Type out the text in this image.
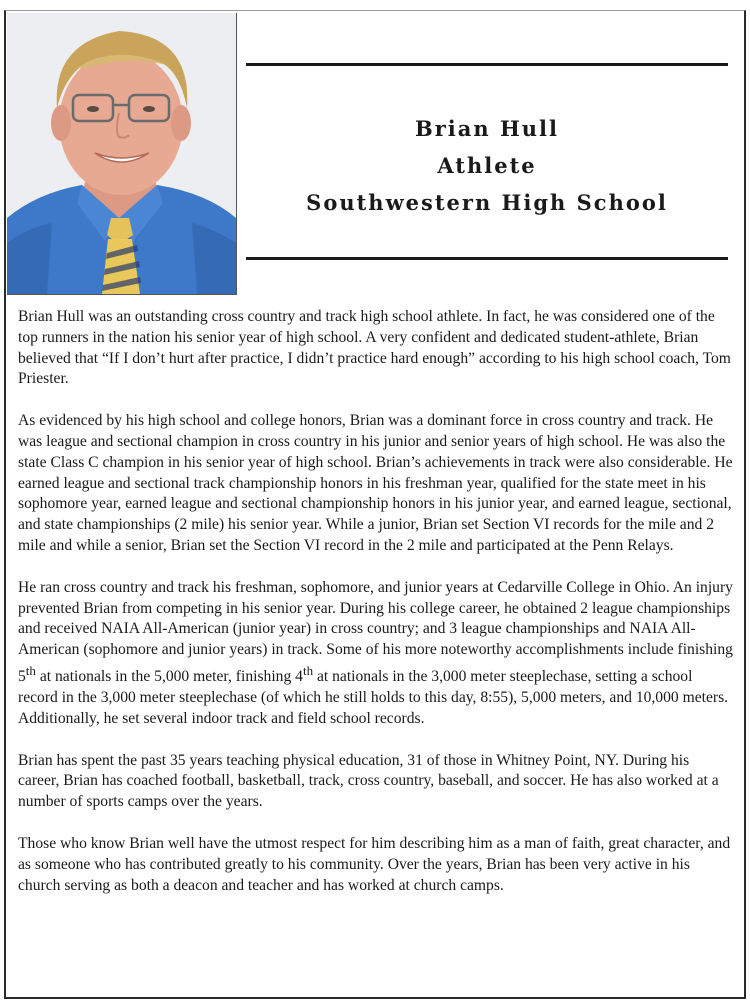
Brian Hull
Athlete
Southwestern High School

Brian Hull was an outstanding cross country and track high school athlete. In fact, he was considered one of the top runners in the nation his senior year of high school. A very confident and dedicated student-athlete, Brian believed that “If I don’t hurt after practice, I didn’t practice hard enough” according to his high school coach, Tom Priester.

As evidenced by his high school and college honors, Brian was a dominant force in cross country and track. He was league and sectional champion in cross country in his junior and senior years of high school. He was also the state Class C champion in his senior year of high school. Brian’s achievements in track were also considerable. He earned league and sectional track championship honors in his freshman year, qualified for the state meet in his sophomore year, earned league and sectional championship honors in his junior year, and earned league, sectional, and state championships (2 mile) his senior year. While a junior, Brian set Section VI records for the mile and 2 mile and while a senior, Brian set the Section VI record in the 2 mile and participated at the Penn Relays.

He ran cross country and track his freshman, sophomore, and junior years at Cedarville College in Ohio. An injury prevented Brian from competing in his senior year. During his college career, he obtained 2 league championships and received NAIA All-American (junior year) in cross country; and 3 league championships and NAIA All-American (sophomore and junior years) in track. Some of his more noteworthy accomplishments include finishing 5th at nationals in the 5,000 meter, finishing 4th at nationals in the 3,000 meter steeplechase, setting a school record in the 3,000 meter steeplechase (of which he still holds to this day, 8:55), 5,000 meters, and 10,000 meters. Additionally, he set several indoor track and field school records.

Brian has spent the past 35 years teaching physical education, 31 of those in Whitney Point, NY. During his career, Brian has coached football, basketball, track, cross country, baseball, and soccer. He has also worked at a number of sports camps over the years.

Those who know Brian well have the utmost respect for him describing him as a man of faith, great character, and as someone who has contributed greatly to his community. Over the years, Brian has been very active in his church serving as both a deacon and teacher and has worked at church camps.
